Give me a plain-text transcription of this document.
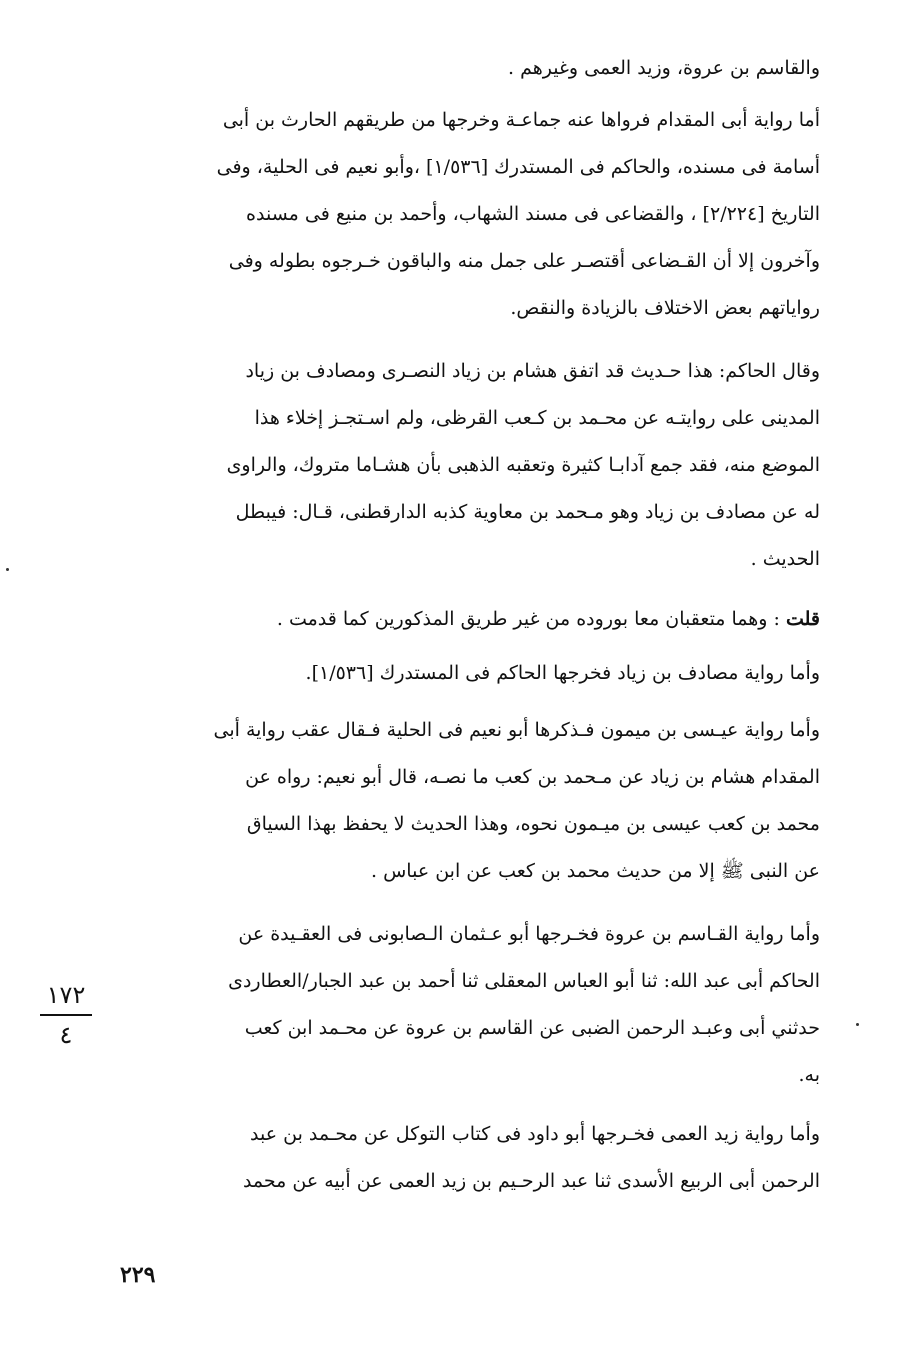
والقاسم بن عروة، وزيد العمى وغيرهم .
أما رواية أبى المقدام فرواها عنه جماعـة وخرجها من طريقهم الحارث بن أبى
أسامة فى مسنده، والحاكم فى المستدرك [١/٥٣٦] ،وأبو نعيم فى الحلية، وفى
التاريخ [٢/٢٢٤] ، والقضاعى فى مسند الشهاب، وأحمد بن منيع فى مسنده
وآخرون إلا أن القـضاعى أقتصـر على جمل منه والباقون خـرجوه بطوله وفى
رواياتهم بعض الاختلاف بالزيادة والنقص.
وقال الحاكم: هذا حـديث قد اتفق هشام بن زياد النصـرى ومصادف بن زياد
المدينى على روايتـه عن محـمد بن كـعب القرظى، ولم اسـتجـز إخلاء هذا
الموضع منه، فقد جمع آدابـا كثيرة وتعقبه الذهبى بأن هشـاما متروك، والراوى
له عن مصادف بن زياد وهو مـحمد بن معاوية كذبه الدارقطنى، قـال: فيبطل
الحديث .
قلت : وهما متعقبان معا بوروده من غير طريق المذكورين كما قدمت .
وأما رواية مصادف بن زياد فخرجها الحاكم فى المستدرك [١/٥٣٦].
وأما رواية عيـسى بن ميمون فـذكرها أبو نعيم فى الحلية فـقال عقب رواية أبى
المقدام هشام بن زياد عن مـحمد بن كعب ما نصـه، قال أبو نعيم: رواه عن
محمد بن كعب عيسى بن ميـمون نحوه، وهذا الحديث لا يحفظ بهذا السياق
عن النبى ﷺ إلا من حديث محمد بن كعب عن ابن عباس .
وأما رواية القـاسم بن عروة فخـرجها أبو عـثمان الـصابونى فى العقـيدة عن
الحاكم أبى عبد الله: ثنا أبو العباس المعقلى ثنا أحمد بن عبد الجبار/العطاردى
حدثني أبى وعبـد الرحمن الضبى عن القاسم بن عروة عن محـمد ابن كعب
به.
وأما رواية زيد العمى فخـرجها أبو داود فى كتاب التوكل عن محـمد بن عبد
الرحمن أبى الربيع الأسدى ثنا عبد الرحـيم بن زيد العمى عن أبيه عن محمد
١٧٢
٤
٢٢٩
